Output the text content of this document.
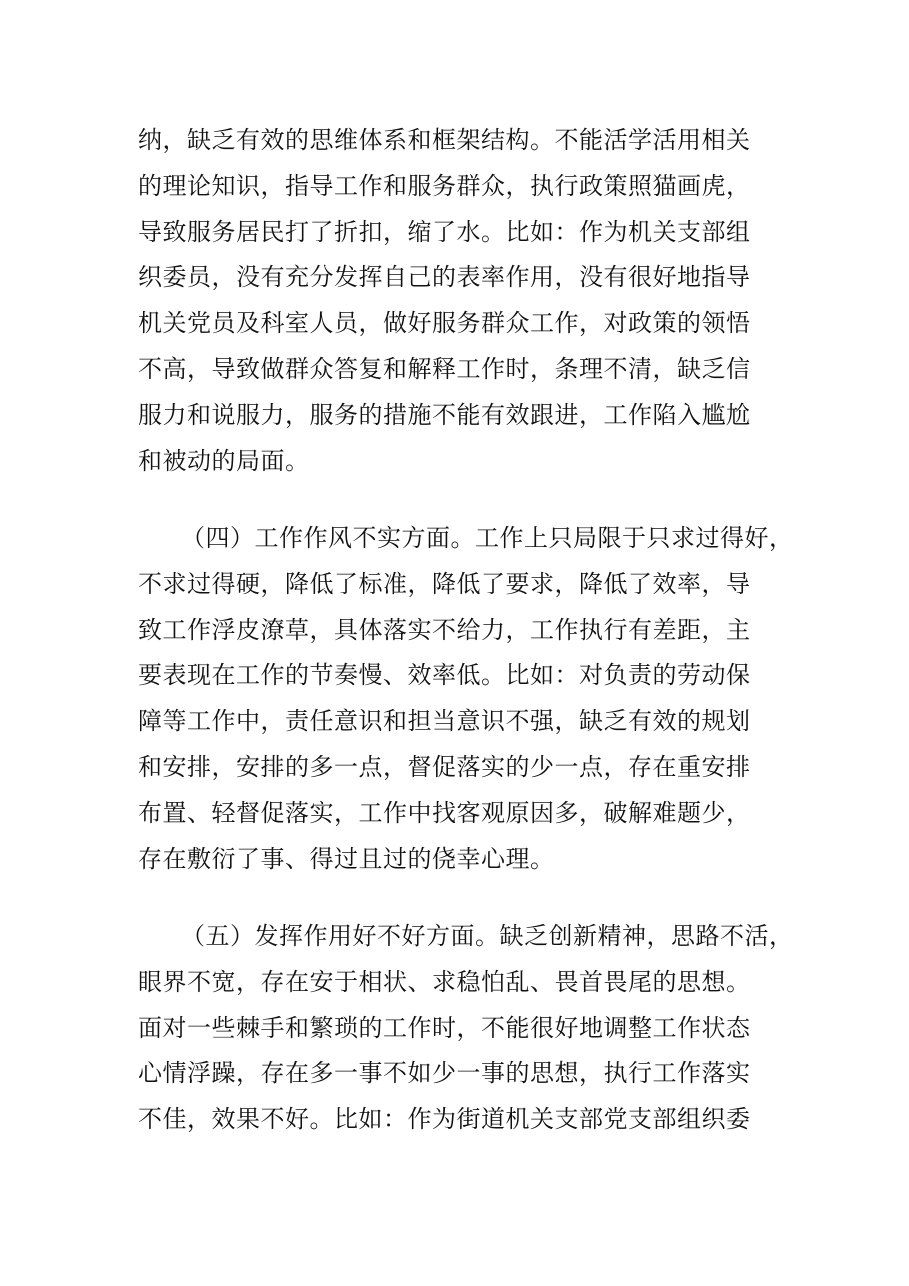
纳，缺乏有效的思维体系和框架结构。不能活学活用相关
的理论知识，指导工作和服务群众，执行政策照猫画虎，
导致服务居民打了折扣，缩了水。比如：作为机关支部组
织委员，没有充分发挥自己的表率作用，没有很好地指导
机关党员及科室人员，做好服务群众工作，对政策的领悟
不高，导致做群众答复和解释工作时，条理不清，缺乏信
服力和说服力，服务的措施不能有效跟进，工作陷入尴尬
和被动的局面。
（四）工作作风不实方面。工作上只局限于只求过得好，
不求过得硬，降低了标准，降低了要求，降低了效率，导
致工作浮皮潦草，具体落实不给力，工作执行有差距，主
要表现在工作的节奏慢、效率低。比如：对负责的劳动保
障等工作中，责任意识和担当意识不强，缺乏有效的规划
和安排，安排的多一点，督促落实的少一点，存在重安排
布置、轻督促落实，工作中找客观原因多，破解难题少，
存在敷衍了事、得过且过的侥幸心理。
（五）发挥作用好不好方面。缺乏创新精神，思路不活，
眼界不宽，存在安于相状、求稳怕乱、畏首畏尾的思想。
面对一些棘手和繁琐的工作时，不能很好地调整工作状态
心情浮躁，存在多一事不如少一事的思想，执行工作落实
不佳，效果不好。比如：作为街道机关支部党支部组织委
